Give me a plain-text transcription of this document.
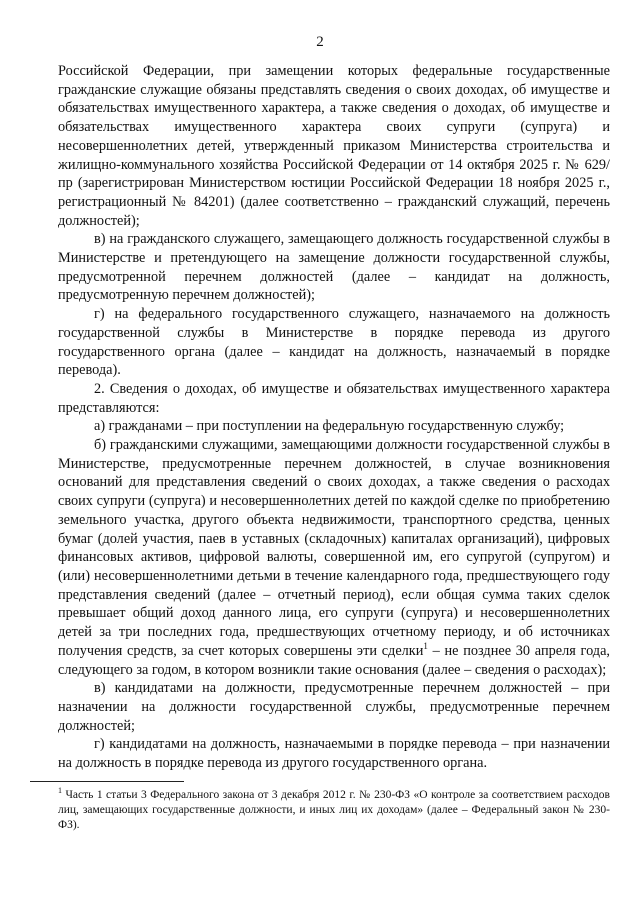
2

Российской Федерации, при замещении которых федеральные государственные гражданские служащие обязаны представлять сведения о своих доходах, об имуществе и обязательствах имущественного характера, а также сведения о доходах, об имуществе и обязательствах имущественного характера своих супруги (супруга) и несовершеннолетних детей, утвержденный приказом Министерства строительства и жилищно-коммунального хозяйства Российской Федерации от 14 октября 2025 г. № 629/пр (зарегистрирован Министерством юстиции Российской Федерации 18 ноября 2025 г., регистрационный № 84201) (далее соответственно – гражданский служащий, перечень должностей);

в) на гражданского служащего, замещающего должность государственной службы в Министерстве и претендующего на замещение должности государственной службы, предусмотренной перечнем должностей (далее – кандидат на должность, предусмотренную перечнем должностей);

г) на федерального государственного служащего, назначаемого на должность государственной службы в Министерстве в порядке перевода из другого государственного органа (далее – кандидат на должность, назначаемый в порядке перевода).

2. Сведения о доходах, об имуществе и обязательствах имущественного характера представляются:

а) гражданами – при поступлении на федеральную государственную службу;

б) гражданскими служащими, замещающими должности государственной службы в Министерстве, предусмотренные перечнем должностей, в случае возникновения оснований для представления сведений о своих доходах, а также сведения о расходах своих супруги (супруга) и несовершеннолетних детей по каждой сделке по приобретению земельного участка, другого объекта недвижимости, транспортного средства, ценных бумаг (долей участия, паев в уставных (складочных) капиталах организаций), цифровых финансовых активов, цифровой валюты, совершенной им, его супругой (супругом) и (или) несовершеннолетними детьми в течение календарного года, предшествующего году представления сведений (далее – отчетный период), если общая сумма таких сделок превышает общий доход данного лица, его супруги (супруга) и несовершеннолетних детей за три последних года, предшествующих отчетному периоду, и об источниках получения средств, за счет которых совершены эти сделки$^1$ – не позднее 30 апреля года, следующего за годом, в котором возникли такие основания (далее – сведения о расходах);

в) кандидатами на должности, предусмотренные перечнем должностей – при назначении на должности государственной службы, предусмотренные перечнем должностей;

г) кандидатами на должность, назначаемыми в порядке перевода – при назначении на должность в порядке перевода из другого государственного органа.

$^1$ Часть 1 статьи 3 Федерального закона от 3 декабря 2012 г. № 230-ФЗ «О контроле за соответствием расходов лиц, замещающих государственные должности, и иных лиц их доходам» (далее – Федеральный закон № 230-ФЗ).
